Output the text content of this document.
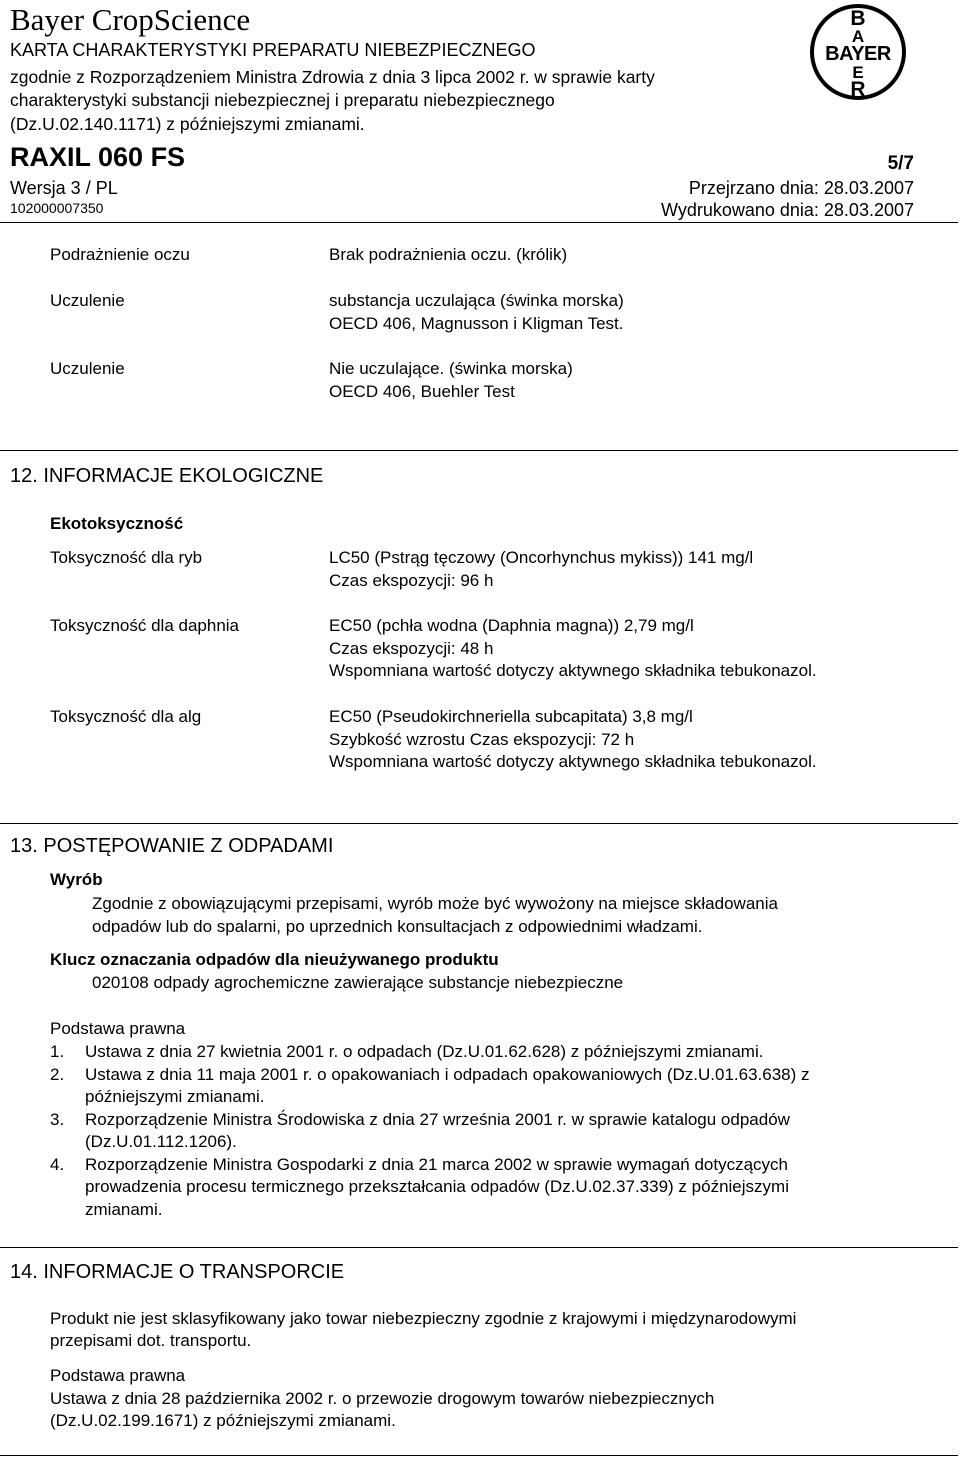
Bayer CropScience
KARTA CHARAKTERYSTYKI PREPARATU NIEBEZPIECZNEGO
zgodnie z Rozporządzeniem Ministra Zdrowia z dnia 3 lipca 2002 r. w sprawie karty
charakterystyki substancji niebezpiecznej i preparatu niebezpiecznego
(Dz.U.02.140.1171) z późniejszymi zmianami.
RAXIL 060 FS	5/7
Wersja 3 / PL
102000007350
Przejrzano dnia: 28.03.2007
Wydrukowano dnia: 28.03.2007
B
A
BAYER
E
R
Podrażnienie oczu	Brak podrażnienia oczu. (królik)
Uczulenie	substancja uczulająca (świnka morska)
OECD 406, Magnusson i Kligman Test.
Uczulenie	Nie uczulające. (świnka morska)
OECD 406, Buehler Test
12. INFORMACJE EKOLOGICZNE
Ekotoksyczność
Toksyczność dla ryb	LC50 (Pstrąg tęczowy (Oncorhynchus mykiss)) 141 mg/l
Czas ekspozycji: 96 h
Toksyczność dla daphnia	EC50 (pchła wodna (Daphnia magna)) 2,79 mg/l
Czas ekspozycji: 48 h
Wspomniana wartość dotyczy aktywnego składnika tebukonazol.
Toksyczność dla alg	EC50 (Pseudokirchneriella subcapitata) 3,8 mg/l
Szybkość wzrostu Czas ekspozycji: 72 h
Wspomniana wartość dotyczy aktywnego składnika tebukonazol.
13. POSTĘPOWANIE Z ODPADAMI
Wyrób
Zgodnie z obowiązującymi przepisami, wyrób może być wywożony na miejsce składowania
odpadów lub do spalarni, po uprzednich konsultacjach z odpowiednimi władzami.
Klucz oznaczania odpadów dla nieużywanego produktu
020108 odpady agrochemiczne zawierające substancje niebezpieczne
Podstawa prawna
1. Ustawa z dnia 27 kwietnia 2001 r. o odpadach (Dz.U.01.62.628) z późniejszymi zmianami.
2. Ustawa z dnia 11 maja 2001 r. o opakowaniach i odpadach opakowaniowych (Dz.U.01.63.638) z
późniejszymi zmianami.
3. Rozporządzenie Ministra Środowiska z dnia 27 września 2001 r. w sprawie katalogu odpadów
(Dz.U.01.112.1206).
4. Rozporządzenie Ministra Gospodarki z dnia 21 marca 2002 w sprawie wymagań dotyczących
prowadzenia procesu termicznego przekształcania odpadów (Dz.U.02.37.339) z późniejszymi
zmianami.
14. INFORMACJE O TRANSPORCIE
Produkt nie jest sklasyfikowany jako towar niebezpieczny zgodnie z krajowymi i międzynarodowymi
przepisami dot. transportu.
Podstawa prawna
Ustawa z dnia 28 października 2002 r. o przewozie drogowym towarów niebezpiecznych
(Dz.U.02.199.1671) z późniejszymi zmianami.
